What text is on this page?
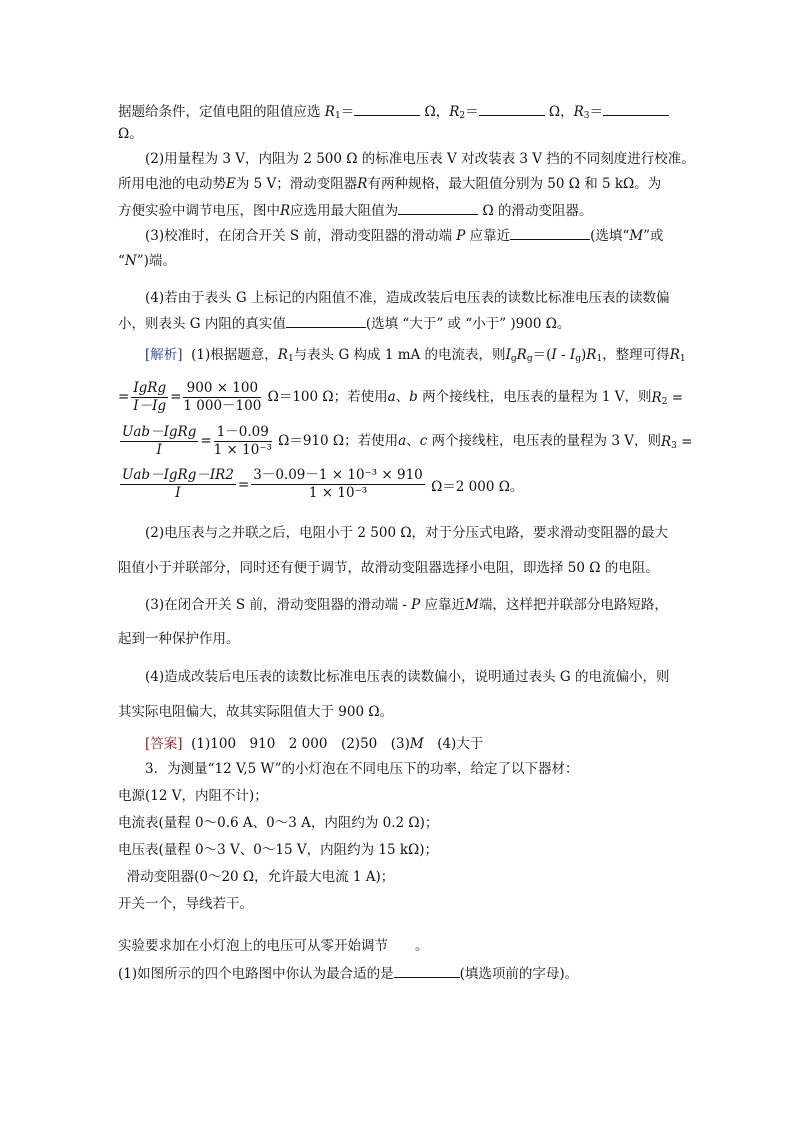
据题给条件，定值电阻的阻值应选 $R_1=$	Ω，$R_2=$	Ω，$R_3=$
Ω。
(2)用量程为 3 V，内阻为 2 500 Ω 的标准电压表 V 对改装表 3 V 挡的不同刻度进行校准。
所用电池的电动势E为 5 V；滑动变阻器R有两种规格，最大阻值分别为 50 Ω 和 5 kΩ。为
方便实验中调节电压，图中R应选用最大阻值为	Ω 的滑动变阻器。
(3)校准时，在闭合开关 S 前，滑动变阻器的滑动端 P 应靠近	(选填“M”或
“N”)端。
(4)若由于表头 G 上标记的内阻值不准，造成改装后电压表的读数比标准电压表的读数偏
小，则表头 G 内阻的真实值	(选填 “大于” 或 “小于” )900 Ω。
[解析] (1)根据题意，$R_1$与表头 G 构成 1 mA 的电流表，则$I_gR_g=(I - I_g)R_1$，整理可得$R_1$
= $\frac{\text{IgRg}}{I-Ig} = \frac{900 \times 100}{1 000-100} \Omega=100$ Ω；若使用a、b 两个接线柱，电压表的量程为 1 V，则 $R_2$ =
$\frac{\text{Uab－IgRg}}{I} = \frac{1-0.09}{\text{1 × 10⁻³}} \Omega=910$ Ω；若使用a、c 两个接线柱，电压表的量程为 3 V，则 $R_3$ =
$\frac{\text{Uab－IgRg－IR2}}{I} = \frac{\text{3－0.09－1 × 10⁻³ × 910}}{\text{1 × 10⁻³}}$
Ω＝2 000 Ω。
(2)电压表与之并联之后，电阻小于 2 500 Ω，对于分压式电路，要求滑动变阻器的最大
阻值小于并联部分，同时还有便于调节，故滑动变阻器选择小电阻，即选择 50 Ω 的电阻。
(3)在闭合开关 S 前，滑动变阻器的滑动端 - P 应靠近M端，这样把并联部分电路短路，
起到一种保护作用。
(4)造成改装后电压表的读数比标准电压表的读数偏小，说明通过表头 G 的电流偏小，则
其实际电阻偏大，故其实际阻值大于 900 Ω。
[答案] (1)100　910　2 000　(2)50　(3)M　(4)大于
3．为测量“12 V,5 W”的小灯泡在不同电压下的功率，给定了以下器材：
电源(12 V，内阻不计)；
电流表(量程 0～0.6 A、0～3 A，内阻约为 0.2 Ω)；
电压表(量程 0～3 V、0～15 V，内阻约为 15 kΩ)；
滑动变阻器(0～20 Ω，允许最大电流 1 A)；
开关一个，导线若干。
实验要求加在小灯泡上的电压可从零开始调节　　。
(1)如图所示的四个电路图中你认为最合适的是	(填选项前的字母)。
